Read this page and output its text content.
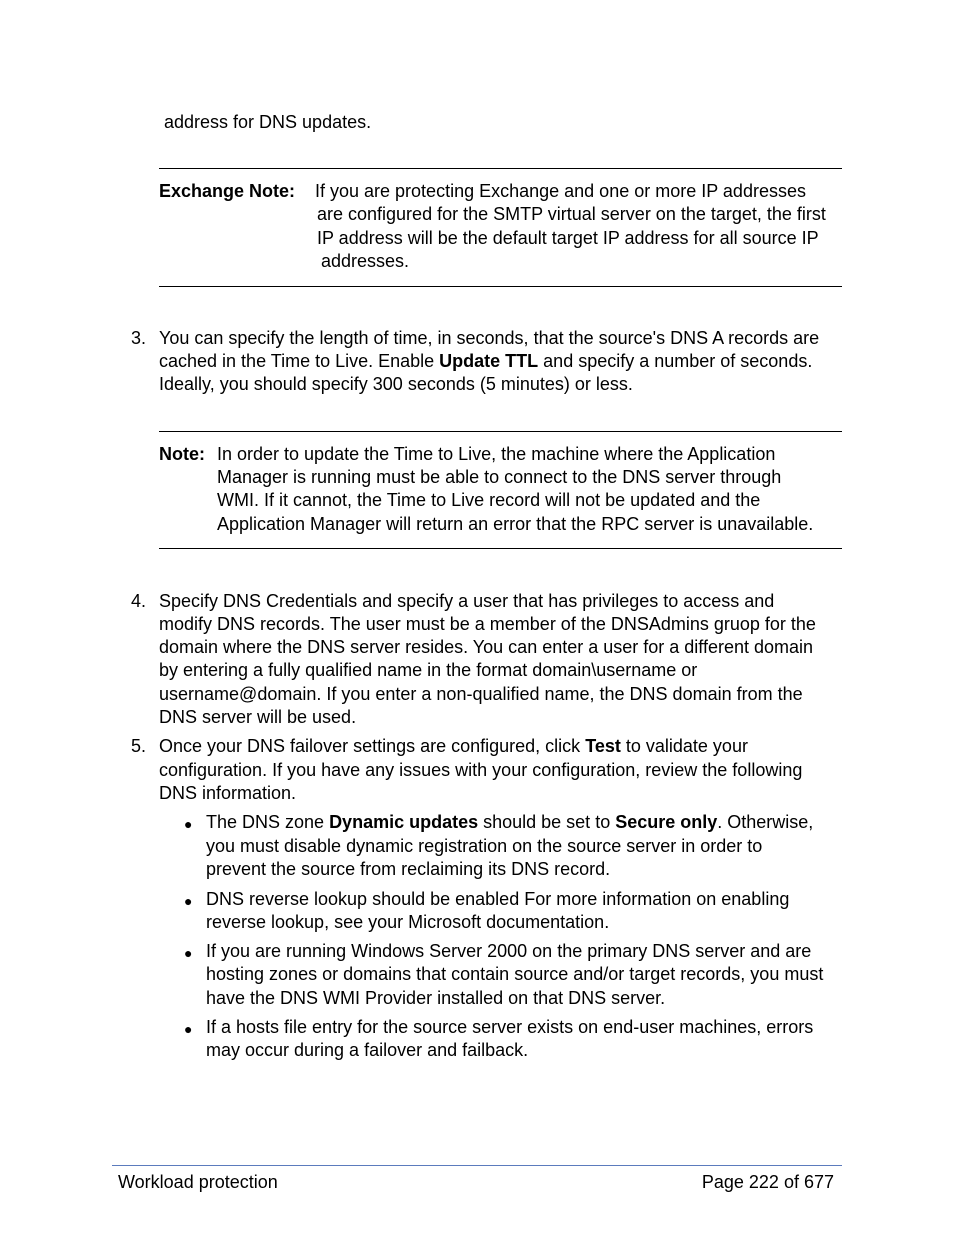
address for DNS updates.
Exchange Note: If you are protecting Exchange and one or more IP addresses
are configured for the SMTP virtual server on the target, the first
IP address will be the default target IP address for all source IP
addresses.
3. You can specify the length of time, in seconds, that the source's DNS A records are
cached in the Time to Live. Enable Update TTL and specify a number of seconds.
Ideally, you should specify 300 seconds (5 minutes) or less.
Note: In order to update the Time to Live, the machine where the Application
Manager is running must be able to connect to the DNS server through
WMI. If it cannot, the Time to Live record will not be updated and the
Application Manager will return an error that the RPC server is unavailable.
4. Specify DNS Credentials and specify a user that has privileges to access and
modify DNS records. The user must be a member of the DNSAdmins gruop for the
domain where the DNS server resides. You can enter a user for a different domain
by entering a fully qualified name in the format domain\username or
username@domain. If you enter a non-qualified name, the DNS domain from the
DNS server will be used.
5. Once your DNS failover settings are configured, click Test to validate your
configuration. If you have any issues with your configuration, review the following
DNS information.
● The DNS zone Dynamic updates should be set to Secure only. Otherwise,
you must disable dynamic registration on the source server in order to
prevent the source from reclaiming its DNS record.
● DNS reverse lookup should be enabled For more information on enabling
reverse lookup, see your Microsoft documentation.
● If you are running Windows Server 2000 on the primary DNS server and are
hosting zones or domains that contain source and/or target records, you must
have the DNS WMI Provider installed on that DNS server.
● If a hosts file entry for the source server exists on end-user machines, errors
may occur during a failover and failback.
Workload protection	Page 222 of 677
